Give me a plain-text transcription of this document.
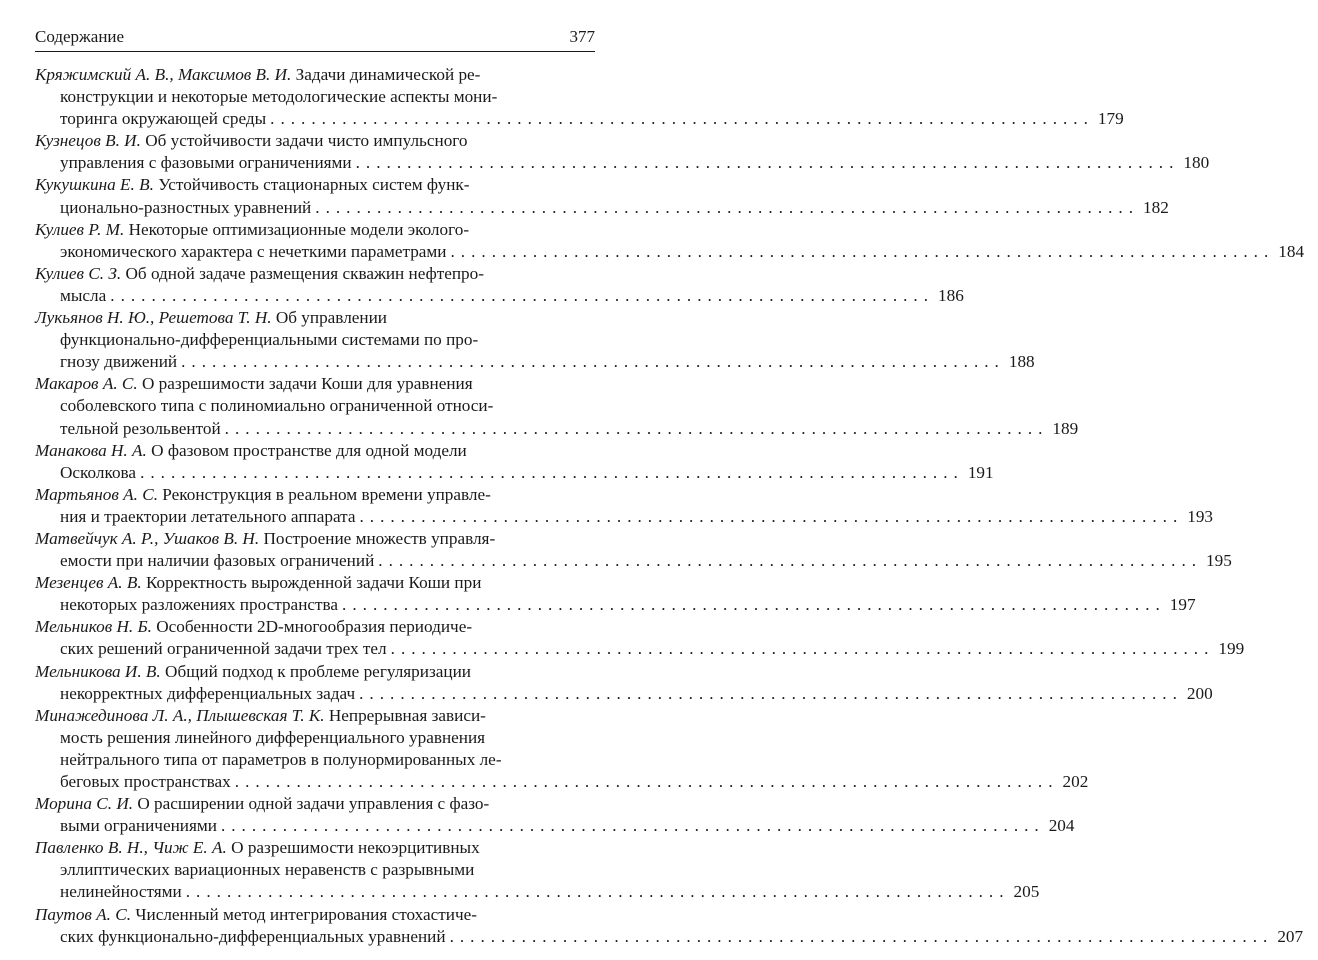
Содержание	377
Кряжимский А. В., Максимов В. И. Задачи динамической ре-
конструкции и некоторые методологические аспекты мони-
торинга окружающей среды ................................................................................ 179
Кузнецов В. И. Об устойчивости задачи чисто импульсного
управления с фазовыми ограничениями ................................................................................ 180
Кукушкина Е. В. Устойчивость стационарных систем функ-
ционально-разностных уравнений ................................................................................ 182
Кулиев Р. М. Некоторые оптимизационные модели эколого-
экономического характера с нечеткими параметрами ................................................................................ 184
Кулиев С. З. Об одной задаче размещения скважин нефтепро-
мысла ................................................................................ 186
Лукьянов Н. Ю., Решетова Т. Н. Об управлении
функционально-дифференциальными системами по про-
гнозу движений ................................................................................ 188
Макаров А. С. О разрешимости задачи Коши для уравнения
соболевского типа с полиномиально ограниченной относи-
тельной резольвентой ................................................................................ 189
Манакова Н. А. О фазовом пространстве для одной модели
Осколкова ................................................................................ 191
Мартьянов А. С. Реконструкция в реальном времени управле-
ния и траектории летательного аппарата ................................................................................ 193
Матвейчук А. Р., Ушаков В. Н. Построение множеств управля-
емости при наличии фазовых ограничений ................................................................................ 195
Мезенцев А. В. Корректность вырожденной задачи Коши при
некоторых разложениях пространства ................................................................................ 197
Мельников Н. Б. Особенности 2D-многообразия периодиче-
ских решений ограниченной задачи трех тел ................................................................................ 199
Мельникова И. В. Общий подход к проблеме регуляризации
некорректных дифференциальных задач ................................................................................ 200
Минажединова Л. А., Плышевская Т. К. Непрерывная зависи-
мость решения линейного дифференциального уравнения
нейтрального типа от параметров в полунормированных ле-
беговых пространствах ................................................................................ 202
Морина С. И. О расширении одной задачи управления с фазо-
выми ограничениями ................................................................................ 204
Павленко В. Н., Чиж Е. А. О разрешимости некоэрцитивных
эллиптических вариационных неравенств с разрывными
нелинейностями ................................................................................ 205
Паутов А. С. Численный метод интегрирования стохастиче-
ских функционально-дифференциальных уравнений ................................................................................ 207
